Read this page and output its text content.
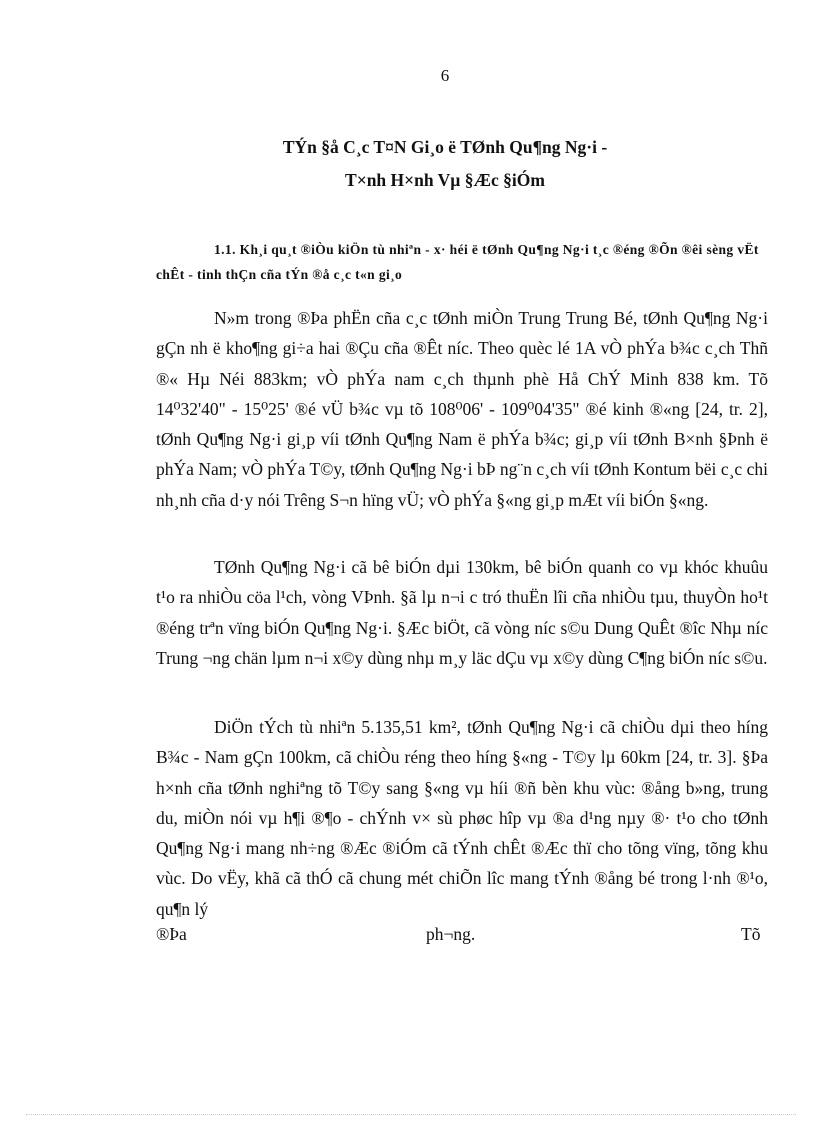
6
TÝn §å C¸c T¤N Gi¸o ë TØnh Qu¶ng Ng·i -
T×nh H×nh Vµ §Æc §iÓm
1.1. Kh¸i qu¸t ®iÒu kiÖn tù nhiªn - x· héi ë tØnh Qu¶ng Ng·i t¸c ®éng ®Õn ®êi sèng vËt chÊt - tinh thÇn cña tÝn ®å c¸c t«n gi¸o
N»m trong ®Þa phËn cña c¸c tØnh miÒn Trung Trung Bé, tØnh Qu¶ng Ng·i gÇn nh ë kho¶ng gi÷a hai ®Çu cña ®Êt níc. Theo quèc lé 1A vÒ phÝa b¾c c¸ch Thñ ®« Hµ Néi 883km; vÒ phÝa nam c¸ch thµnh phè Hå ChÝ Minh 838 km. Tõ 14⁰32'40" - 15⁰25' ®é vÜ b¾c vµ tõ 108⁰06' - 109⁰04'35" ®é kinh ®«ng [24, tr. 2], tØnh Qu¶ng Ng·i gi¸p víi tØnh Qu¶ng Nam ë phÝa b¾c; gi¸p víi tØnh B×nh §Þnh ë phÝa Nam; vÒ phÝa T©y, tØnh Qu¶ng Ng·i bÞ ng¨n c¸ch víi tØnh Kontum bëi c¸c chi nh¸nh cña d·y nói Trêng S¬n hïng vÜ; vÒ phÝa §«ng gi¸p mÆt víi biÓn §«ng.
TØnh Qu¶ng Ng·i cã bê biÓn dµi 130km, bê biÓn quanh co vµ khóc khuûu t¹o ra nhiÒu cöa l¹ch, vòng VÞnh. §ã lµ n¬i c tró thuËn lîi cña nhiÒu tµu, thuyÒn ho¹t ®éng trªn vïng biÓn Qu¶ng Ng·i. §Æc biÖt, cã vòng níc s©u Dung QuÊt ®îc Nhµ níc Trung ¬ng chän lµm n¬i x©y dùng nhµ m¸y läc dÇu vµ x©y dùng C¶ng biÓn níc s©u.
DiÖn tÝch tù nhiªn 5.135,51 km², tØnh Qu¶ng Ng·i cã chiÒu dµi theo híng B¾c - Nam gÇn 100km, cã chiÒu réng theo híng §«ng - T©y lµ 60km [24, tr. 3]. §Þa h×nh cña tØnh nghiªng tõ T©y sang §«ng vµ híi ®ñ bèn khu vùc: ®ång b»ng, trung du, miÒn nói vµ h¶i ®¶o - chÝnh v× sù phøc hîp vµ ®a d¹ng nµy ®· t¹o cho tØnh Qu¶ng Ng·i mang nh÷ng ®Æc ®iÓm cã tÝnh chÊt ®Æc thï cho tõng vïng, tõng khu vùc. Do vËy, khã cã thÓ cã chung mét chiÕn lîc mang tÝnh ®ång bé trong l·nh ®¹o, qu¶n lý
®Þa	ph¬ng.	Tõ
